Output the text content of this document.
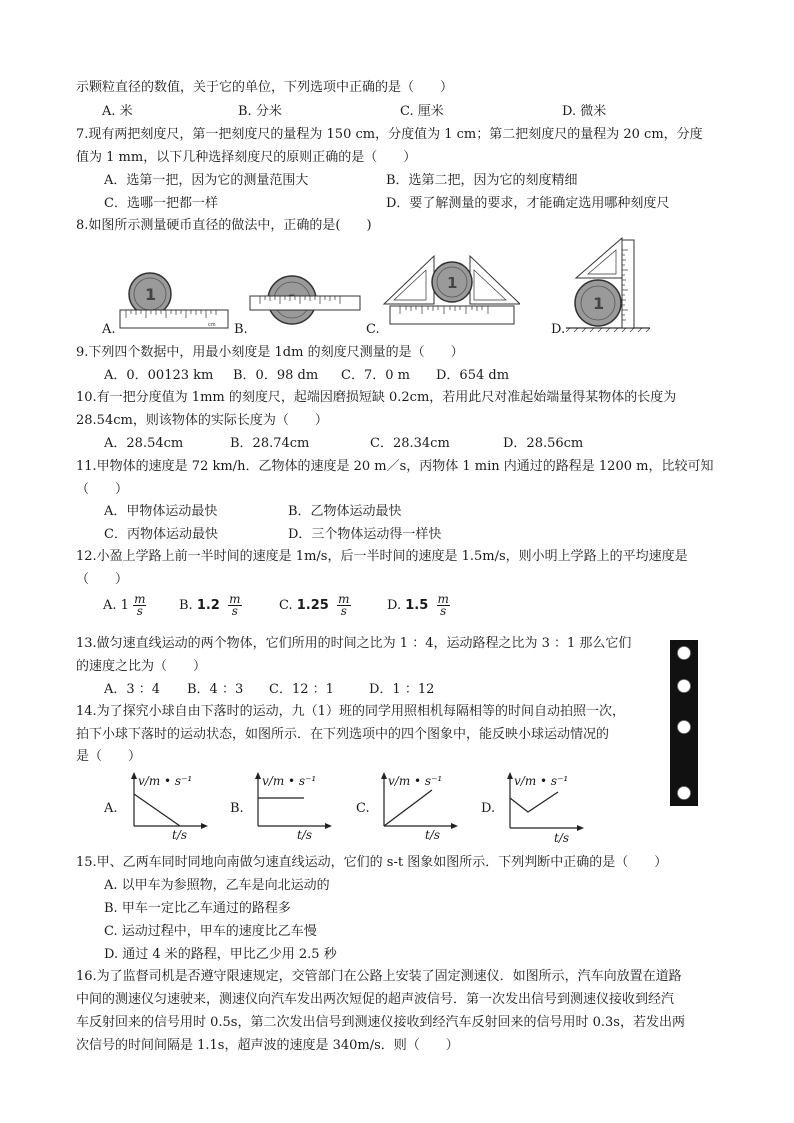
示颗粒直径的数值，关于它的单位，下列选项中正确的是（　　）
A. 米	B. 分米	C. 厘米	D. 微米
7.现有两把刻度尺，第一把刻度尺的量程为 150 cm，分度值为 1 cm；第二把刻度尺的量程为 20 cm，分度
值为 1 mm，以下几种选择刻度尺的原则正确的是（　　）
A．选第一把，因为它的测量范围大	B．选第二把，因为它的刻度精细
C．选哪一把都一样	D．要了解测量的要求，才能确定选用哪种刻度尺
8.如图所示测量硬币直径的做法中，正确的是(　　)
1
cm
A.	B.
1
C.
1
D.
9.下列四个数据中，用最小刻度是 1dm 的刻度尺测量的是（　　）
A．0．00123 km B．0．98 dm C．7．0 m D．654 dm
10.有一把分度值为 1mm 的刻度尺，起端因磨损短缺 0.2cm，若用此尺对准起始端量得某物体的长度为
28.54cm，则该物体的实际长度为（　　）
A．28.54cm	B．28.74cm	C．28.34cm	D．28.56cm
11.甲物体的速度是 72 km/h．乙物体的速度是 20 m／s，丙物体 1 min 内通过的路程是 1200 m，比较可知
（　　）
A．甲物体运动最快	B．乙物体运动最快
C．丙物体运动最快	D．三个物体运动得一样快
12.小盈上学路上前一半时间的速度是 1m/s，后一半时间的速度是 1.5m/s，则小明上学路上的平均速度是
（　　）
A. $1 \frac{m}{s}$	B. $1.2 \frac{m}{s}$	C. $1.25 \frac{m}{s}$	D. $1.5 \frac{m}{s}$
13.做匀速直线运动的两个物体，它们所用的时间之比为 1 ：4，运动路程之比为 3 ：1 那么它们
的速度之比为（　　）
A．3 ：4 B．4 ：3 C．12 ：1	D．1 ：12
14.为了探究小球自由下落时的运动，九（1）班的同学用照相机每隔相等的时间自动拍照一次，
拍下小球下落时的运动状态，如图所示．在下列选项中的四个图象中，能反映小球运动情况的
是（　　）
A.
v/m • s⁻¹
t/s
B.
v/m • s⁻¹
t/s
C.
v/m • s⁻¹
t/s
D.
v/m • s⁻¹
t/s
15.甲、乙两车同时同地向南做匀速直线运动，它们的 s-t 图象如图所示．下列判断中正确的是（　　）
A. 以甲车为参照物，乙车是向北运动的
B. 甲车一定比乙车通过的路程多
C. 运动过程中，甲车的速度比乙车慢
D. 通过 4 米的路程，甲比乙少用 2.5 秒
16.为了监督司机是否遵守限速规定，交管部门在公路上安装了固定测速仪．如图所示，汽车向放置在道路
中间的测速仪匀速驶来，测速仪向汽车发出两次短促的超声波信号．第一次发出信号到测速仪接收到经汽
车反射回来的信号用时 0.5s，第二次发出信号到测速仪接收到经汽车反射回来的信号用时 0.3s，若发出两
次信号的时间间隔是 1.1s，超声波的速度是 340m/s．则（　　）
